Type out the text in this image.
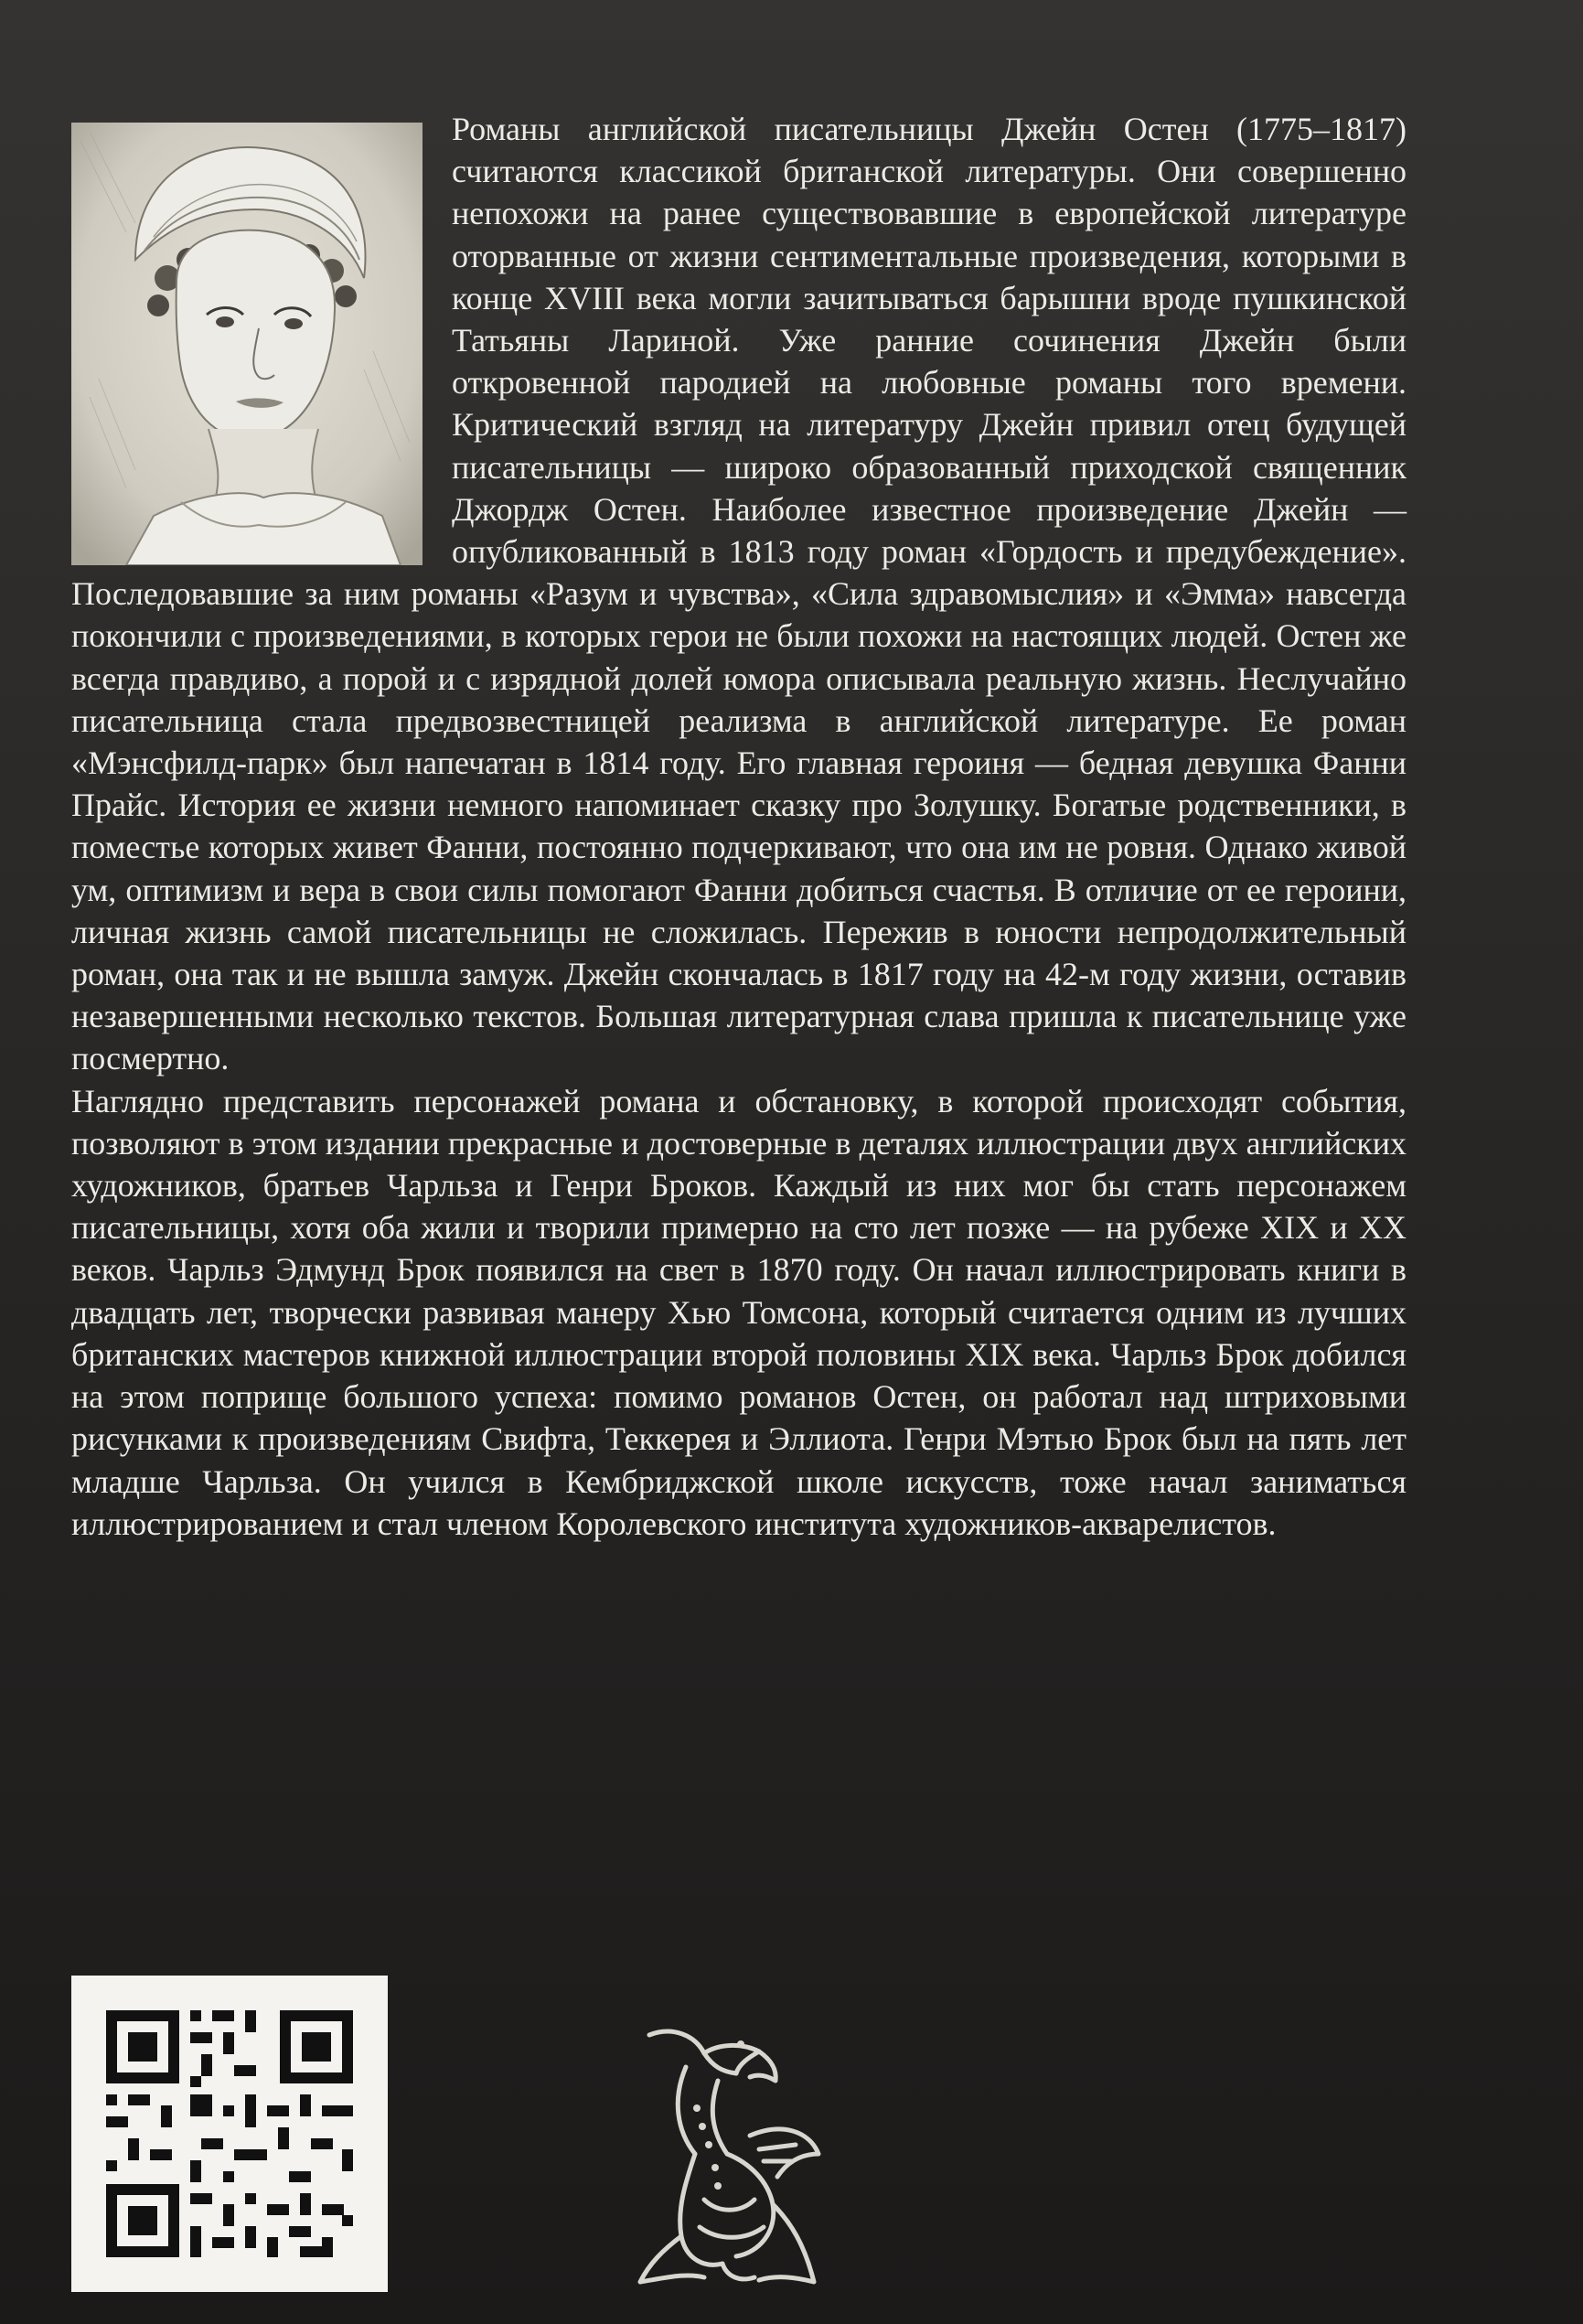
Романы английской писательницы Джейн Остен (1775–1817) считаются классикой британской литературы. Они совершенно непохожи на ранее существовавшие в европейской литературе оторванные от жизни сентиментальные произведения, которыми в конце XVIII века могли зачитываться барышни вроде пушкинской Татьяны Лариной. Уже ранние сочинения Джейн были откровенной пародией на любовные романы того времени. Критический взгляд на литературу Джейн привил отец будущей писательницы — широко образованный приходской священник Джордж Остен. Наиболее известное произведение Джейн — опубликованный в 1813 году роман «Гордость и предубеждение». Последовавшие за ним романы «Разум и чувства», «Сила здравомыслия» и «Эмма» навсегда покончили с произведениями, в которых герои не были похожи на настоящих людей. Остен же всегда правдиво, а порой и с изрядной долей юмора описывала реальную жизнь. Неслучайно писательница стала предвозвестницей реализма в английской литературе. Ее роман «Мэнсфилд-парк» был напечатан в 1814 году. Его главная героиня — бедная девушка Фанни Прайс. История ее жизни немного напоминает сказку про Золушку. Богатые родственники, в поместье которых живет Фанни, постоянно подчеркивают, что она им не ровня. Однако живой ум, оптимизм и вера в свои силы помогают Фанни добиться счастья. В отличие от ее героини, личная жизнь самой писательницы не сложилась. Пережив в юности непродолжительный роман, она так и не вышла замуж. Джейн скончалась в 1817 году на 42-м году жизни, оставив незавершенными несколько текстов. Большая литературная слава пришла к писательнице уже посмертно.

Наглядно представить персонажей романа и обстановку, в которой происходят события, позволяют в этом издании прекрасные и достоверные в деталях иллюстрации двух английских художников, братьев Чарльза и Генри Броков. Каждый из них мог бы стать персонажем писательницы, хотя оба жили и творили примерно на сто лет позже — на рубеже XIX и XX веков. Чарльз Эдмунд Брок появился на свет в 1870 году. Он начал иллюстрировать книги в двадцать лет, творчески развивая манеру Хью Томсона, который считается одним из лучших британских мастеров книжной иллюстрации второй половины XIX века. Чарльз Брок добился на этом поприще большого успеха: помимо романов Остен, он работал над штриховыми рисунками к произведениям Свифта, Теккерея и Эллиота. Генри Мэтью Брок был на пять лет младше Чарльза. Он учился в Кембриджской школе искусств, тоже начал заниматься иллюстрированием и стал членом Королевского института художников-акварелистов.
